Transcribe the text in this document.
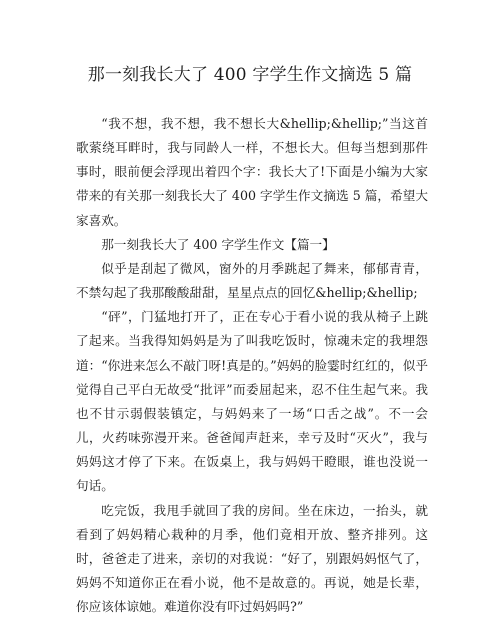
那一刻我长大了 400 字学生作文摘选 5 篇

“我不想，我不想，我不想长大&hellip;&hellip;”当这首歌萦绕耳畔时，我与同龄人一样，不想长大。但每当想到那件事时，眼前便会浮现出着四个字：我长大了!下面是小编为大家带来的有关那一刻我长大了 400 字学生作文摘选 5 篇，希望大家喜欢。

那一刻我长大了 400 字学生作文【篇一】

似乎是刮起了微风，窗外的月季跳起了舞来，郁郁青青，不禁勾起了我那酸酸甜甜，星星点点的回忆&hellip;&hellip;

“砰”，门猛地打开了，正在专心于看小说的我从椅子上跳了起来。当我得知妈妈是为了叫我吃饭时，惊魂未定的我埋怨道：“你进来怎么不敲门呀!真是的。”妈妈的脸霎时红红的，似乎觉得自己平白无故受“批评”而委屈起来，忍不住生起气来。我也不甘示弱假装镇定，与妈妈来了一场“口舌之战”。不一会儿，火药味弥漫开来。爸爸闻声赶来，幸亏及时“灭火”，我与妈妈这才停了下来。在饭桌上，我与妈妈干瞪眼，谁也没说一句话。

吃完饭，我甩手就回了我的房间。坐在床边，一抬头，就看到了妈妈精心栽种的月季，他们竟相开放、整齐排列。这时，爸爸走了进来，亲切的对我说：“好了，别跟妈妈怄气了，妈妈不知道你正在看小说，他不是故意的。再说，她是长辈，你应该体谅她。难道你没有吓过妈妈吗?”
